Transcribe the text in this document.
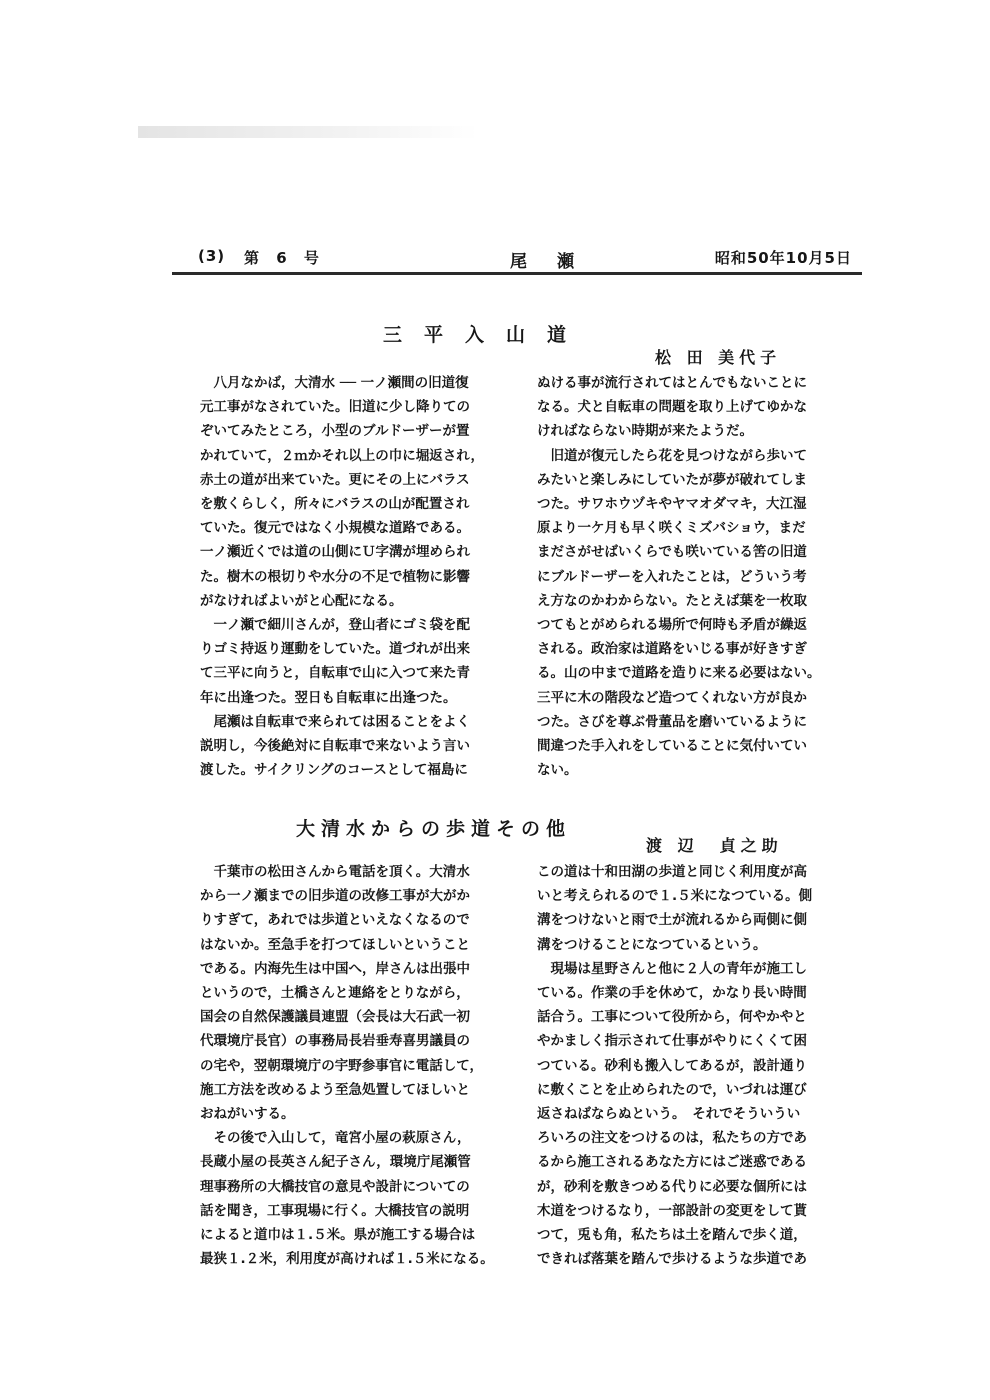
(3) 第 6 号	尾瀬	昭和50年10月5日
三平入山道
松 田 美代子

　八月なかば，大清水 ── 一ノ瀬間の旧道復

元工事がなされていた。旧道に少し降りての

ぞいてみたところ，小型のブルドーザーが置

かれていて，２ｍかそれ以上の巾に堀返され，

赤土の道が出来ていた。更にその上にバラス

を敷くらしく，所々にバラスの山が配置され

ていた。復元ではなく小規模な道路である。

一ノ瀬近くでは道の山側にＵ字溝が埋められ

た。樹木の根切りや水分の不足で植物に影響

がなければよいがと心配になる。

　一ノ瀬で細川さんが，登山者にゴミ袋を配

りゴミ持返り運動をしていた。道づれが出来

て三平に向うと，自転車で山に入つて来た青

年に出逢つた。翌日も自転車に出逢つた。

　尾瀬は自転車で来られては困ることをよく

説明し，今後絶対に自転車で来ないよう言い

渡した。サイクリングのコースとして福島に

ぬける事が流行されてはとんでもないことに

なる。犬と自転車の問題を取り上げてゆかな

ければならない時期が来たようだ。

　旧道が復元したら花を見つけながら歩いて

みたいと楽しみにしていたが夢が破れてしま

つた。サワホウヅキやヤマオダマキ，大江湿

原より一ケ月も早く咲くミズバショウ，まだ

まださがせばいくらでも咲いている筈の旧道

にブルドーザーを入れたことは，どういう考

え方なのかわからない。たとえば葉を一枚取

つてもとがめられる場所で何時も矛盾が繰返

される。政治家は道路をいじる事が好きすぎ

る。山の中まで道路を造りに来る必要はない。

三平に木の階段など造つてくれない方が良か

つた。さびを尊ぶ骨董品を磨いているように

間違つた手入れをしていることに気付いてい

ない。

大清水からの歩道その他
渡 辺　貞之助

　千葉市の松田さんから電話を頂く。大清水

から一ノ瀬までの旧歩道の改修工事が大がか

りすぎて，あれでは歩道といえなくなるので

はないか。至急手を打つてほしいということ

である。内海先生は中国へ，岸さんは出張中

というので，土橋さんと連絡をとりながら，

国会の自然保護議員連盟（会長は大石武一初

代環境庁長官）の事務局長岩垂寿喜男議員の

の宅や，翌朝環境庁の宇野参事官に電話して，

施工方法を改めるよう至急処置してほしいと

おねがいする。

　その後で入山して，竜宮小屋の萩原さん，

長蔵小屋の長英さん紀子さん，環境庁尾瀬管

理事務所の大橋技官の意見や設計についての

話を聞き，工事現場に行く。大橋技官の説明

によると道巾は１.５米。県が施工する場合は

最狭１.２米，利用度が高ければ１.５米になる。

この道は十和田湖の歩道と同じく利用度が高

いと考えられるので１.５米になつている。側

溝をつけないと雨で土が流れるから両側に側

溝をつけることになつているという。

　現場は星野さんと他に２人の青年が施工し

ている。作業の手を休めて，かなり長い時間

話合う。工事について役所から，何やかやと

やかましく指示されて仕事がやりにくくて困

つている。砂利も搬入してあるが，設計通り

に敷くことを止められたので，いづれは運び

返さねばならぬという。　それでそういうい

ろいろの注文をつけるのは，私たちの方であ

るから施工されるあなた方にはご迷惑である

が，砂利を敷きつめる代りに必要な個所には

木道をつけるなり，一部設計の変更をして貰

つて，兎も角，私たちは土を踏んで歩く道，

できれば落葉を踏んで歩けるような歩道であ
